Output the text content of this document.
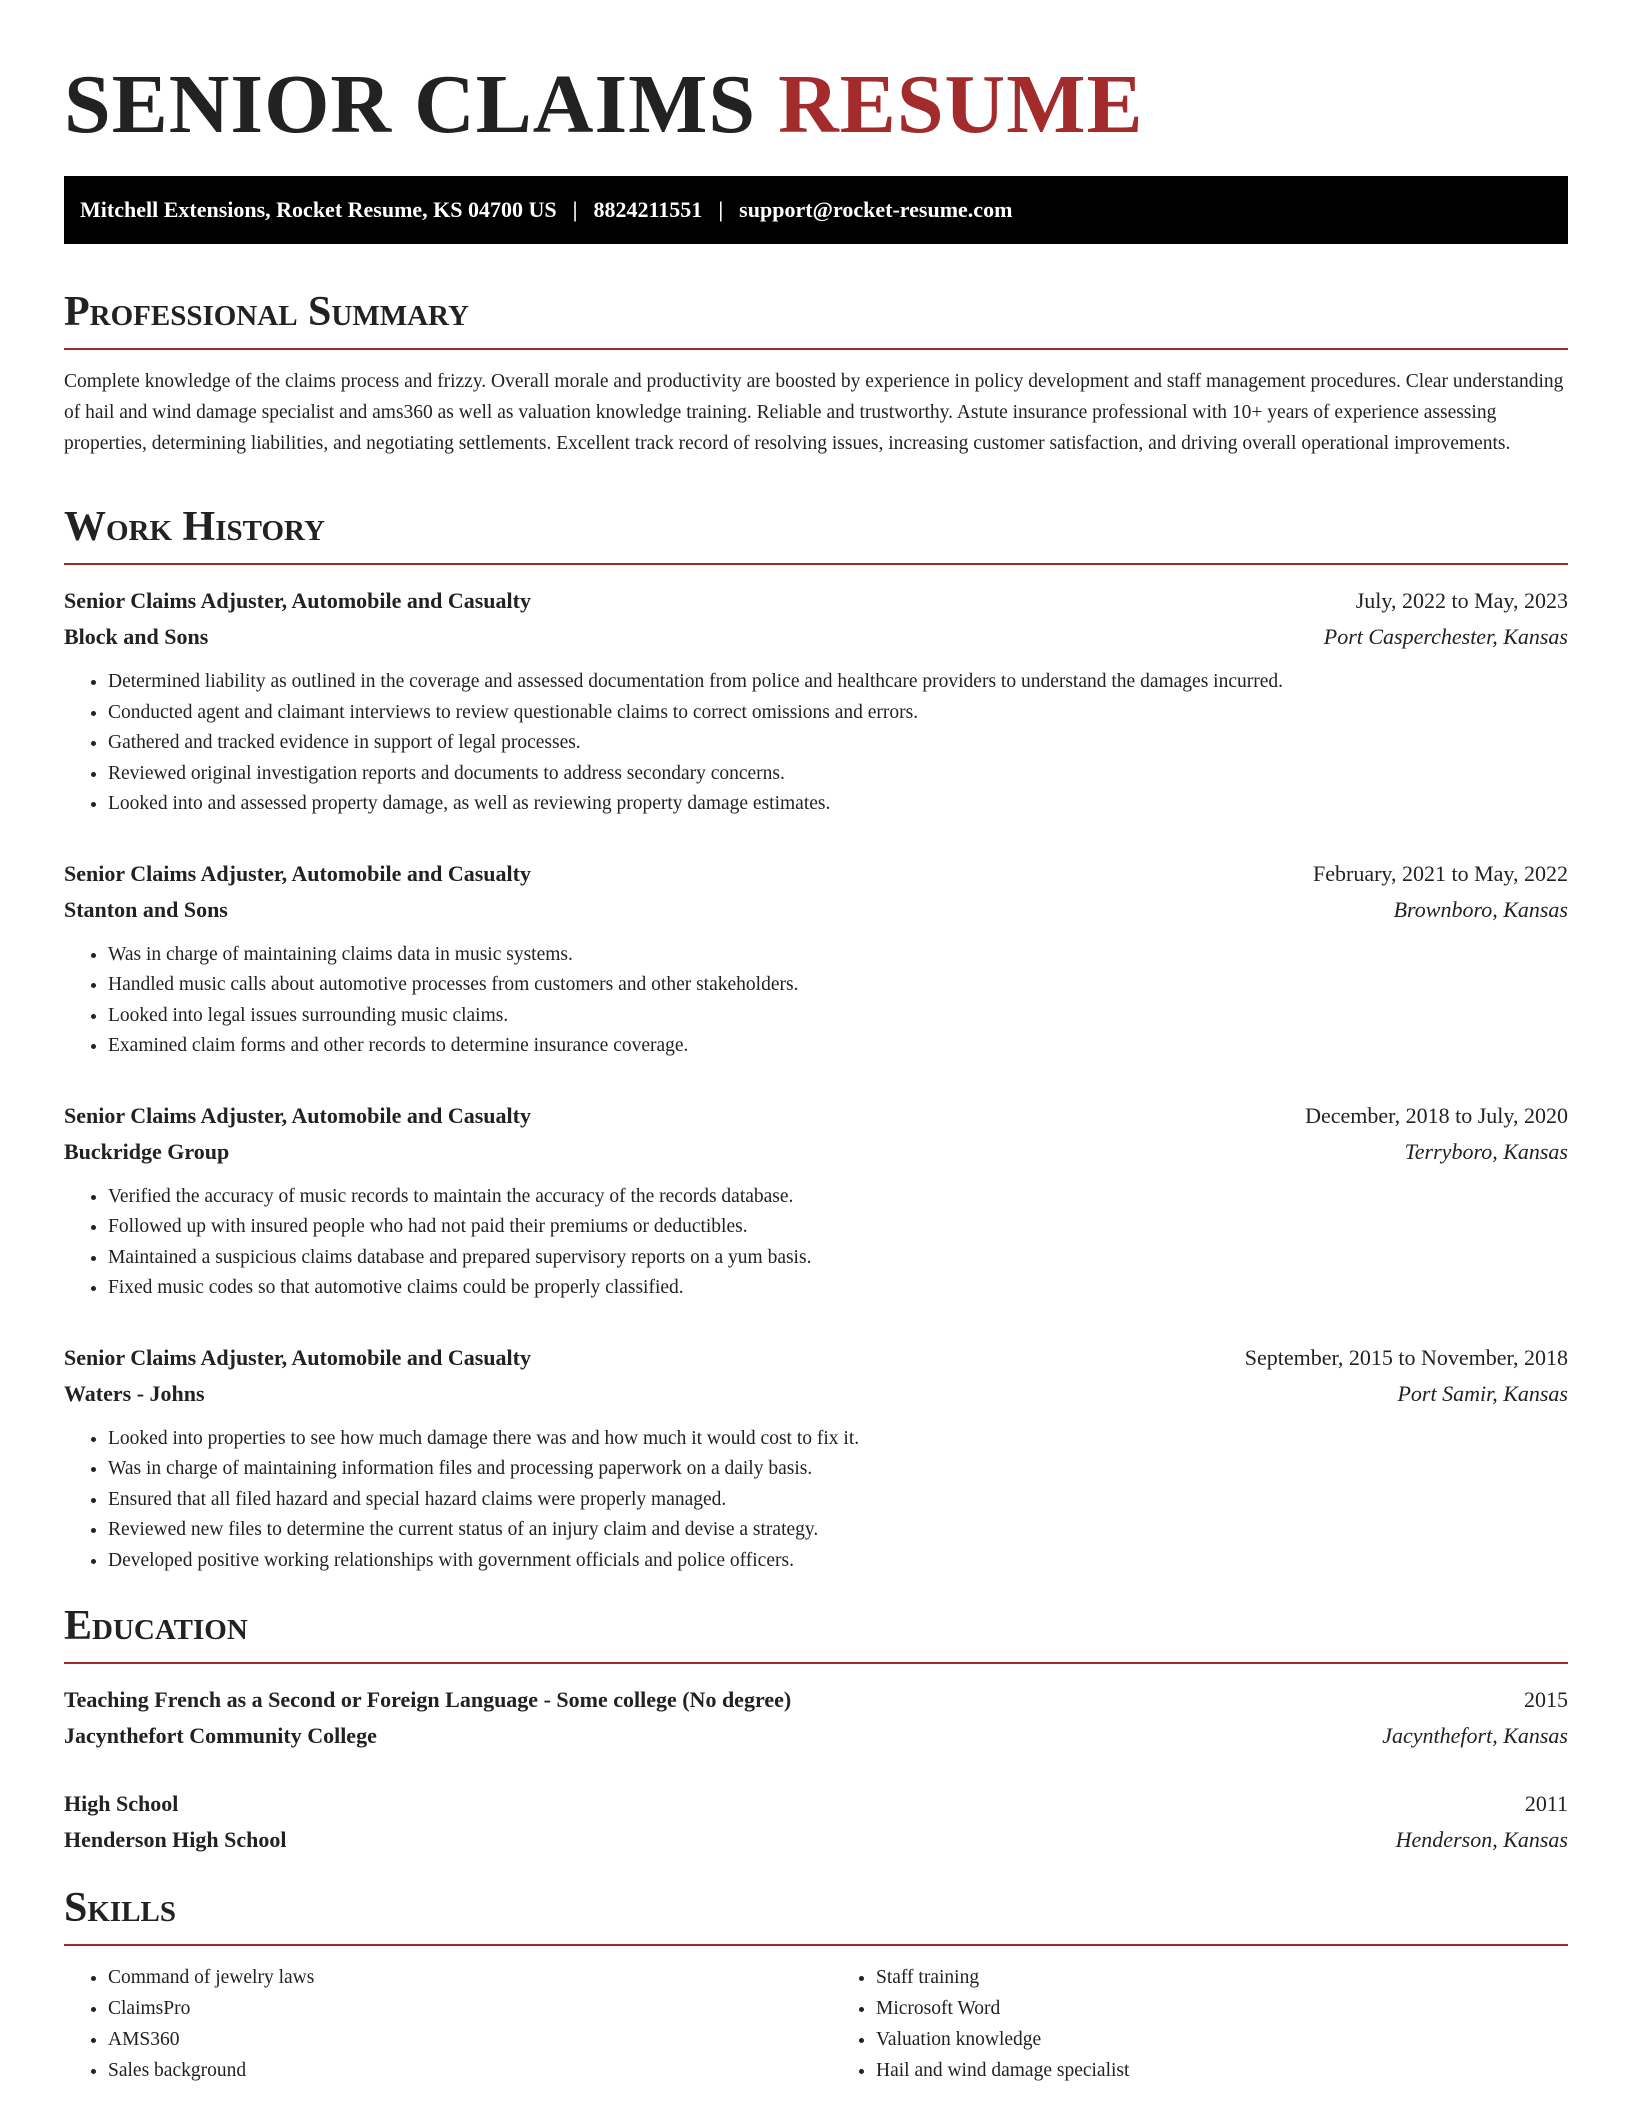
SENIOR CLAIMS RESUME
Mitchell Extensions, Rocket Resume, KS 04700 US | 8824211551 | support@rocket-resume.com
Professional Summary

Complete knowledge of the claims process and frizzy. Overall morale and productivity are boosted by experience in policy development and staff management procedures. Clear understanding of hail and wind damage specialist and ams360 as well as valuation knowledge training. Reliable and trustworthy. Astute insurance professional with 10+ years of experience assessing properties, determining liabilities, and negotiating settlements. Excellent track record of resolving issues, increasing customer satisfaction, and driving overall operational improvements.

Work History
Senior Claims Adjuster, Automobile and Casualty	July, 2022 to May, 2023
Block and Sons	Port Casperchester, Kansas
• Determined liability as outlined in the coverage and assessed documentation from police and healthcare providers to understand the damages incurred.
• Conducted agent and claimant interviews to review questionable claims to correct omissions and errors.
• Gathered and tracked evidence in support of legal processes.
• Reviewed original investigation reports and documents to address secondary concerns.
• Looked into and assessed property damage, as well as reviewing property damage estimates.
Senior Claims Adjuster, Automobile and Casualty	February, 2021 to May, 2022
Stanton and Sons	Brownboro, Kansas
• Was in charge of maintaining claims data in music systems.
• Handled music calls about automotive processes from customers and other stakeholders.
• Looked into legal issues surrounding music claims.
• Examined claim forms and other records to determine insurance coverage.
Senior Claims Adjuster, Automobile and Casualty	December, 2018 to July, 2020
Buckridge Group	Terryboro, Kansas
• Verified the accuracy of music records to maintain the accuracy of the records database.
• Followed up with insured people who had not paid their premiums or deductibles.
• Maintained a suspicious claims database and prepared supervisory reports on a yum basis.
• Fixed music codes so that automotive claims could be properly classified.
Senior Claims Adjuster, Automobile and Casualty	September, 2015 to November, 2018
Waters - Johns	Port Samir, Kansas
• Looked into properties to see how much damage there was and how much it would cost to fix it.
• Was in charge of maintaining information files and processing paperwork on a daily basis.
• Ensured that all filed hazard and special hazard claims were properly managed.
• Reviewed new files to determine the current status of an injury claim and devise a strategy.
• Developed positive working relationships with government officials and police officers.
Education
Teaching French as a Second or Foreign Language - Some college (No degree)	2015
Jacynthefort Community College	Jacynthefort, Kansas
High School	2011
Henderson High School	Henderson, Kansas
Skills
• Command of jewelry laws
• ClaimsPro
• AMS360
• Sales background
• Staff training
• Microsoft Word
• Valuation knowledge
• Hail and wind damage specialist
